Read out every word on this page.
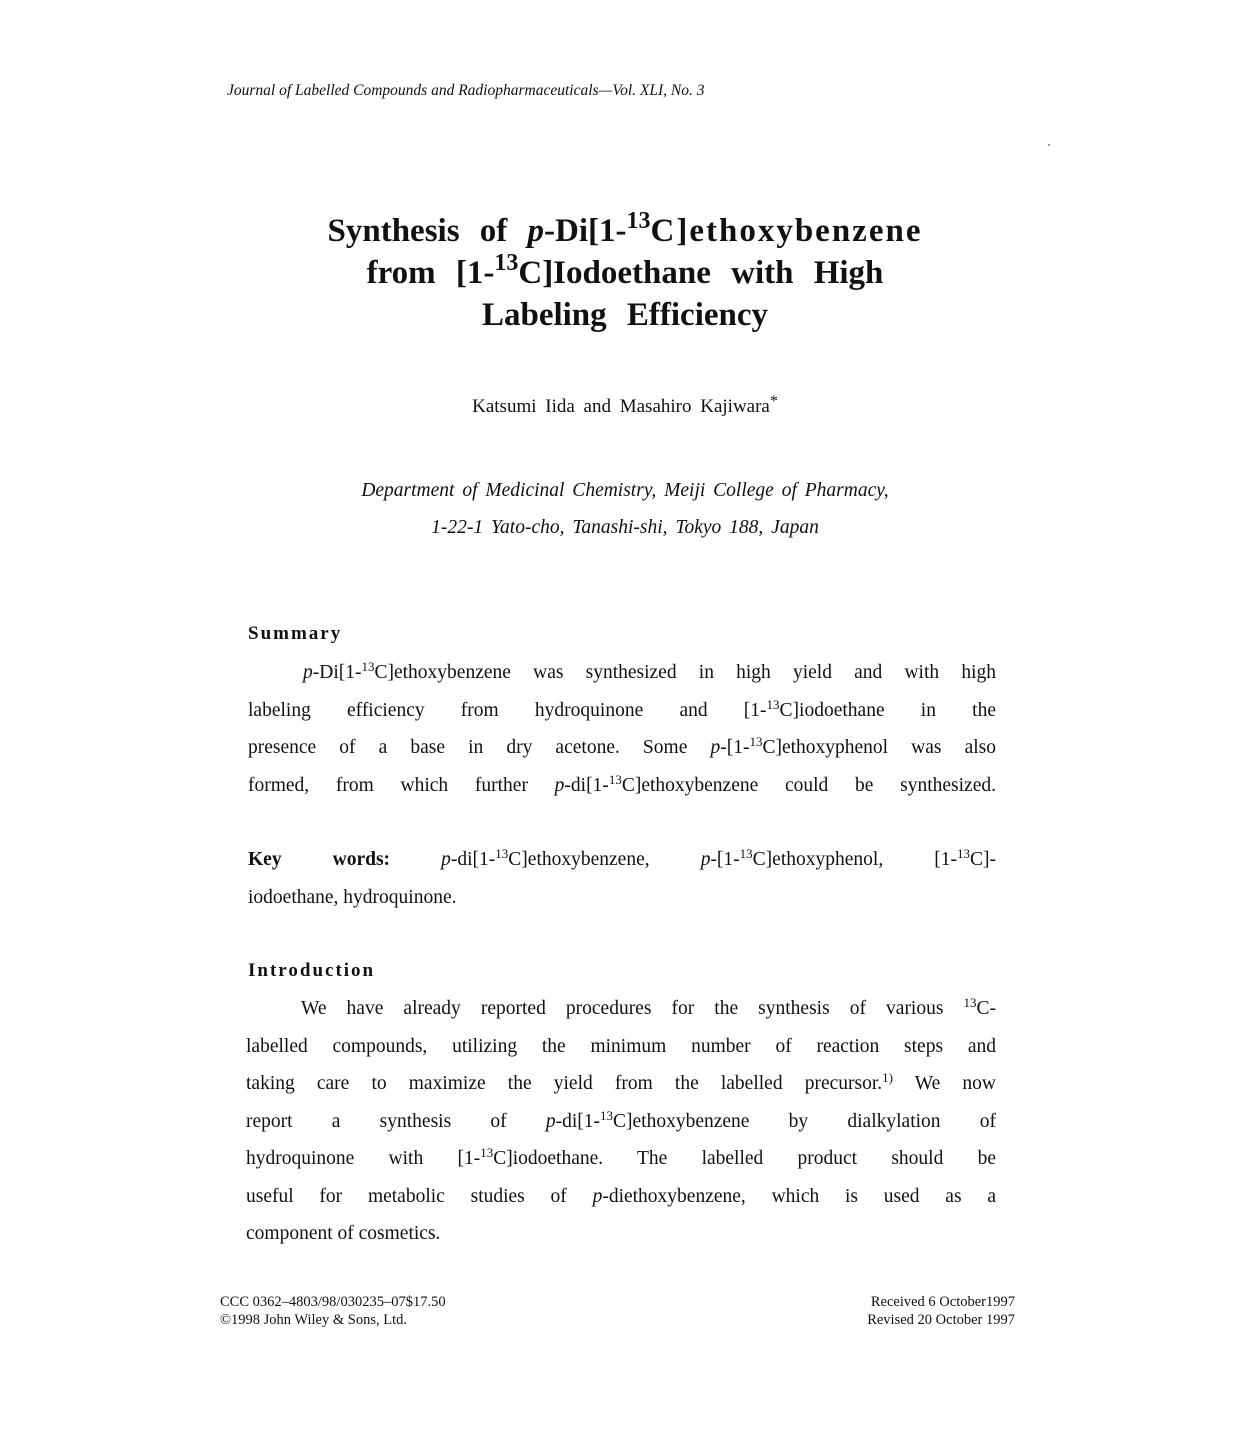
Journal of Labelled Compounds and Radiopharmaceuticals—Vol. XLI, No. 3
Synthesis of p-Di[1-$^{13}$C]ethoxybenzene
from [1-$^{13}$C]Iodoethane with High
Labeling Efficiency
Katsumi Iida and Masahiro Kajiwara*
Department of Medicinal Chemistry, Meiji College of Pharmacy,
1-22-1 Yato-cho, Tanashi-shi, Tokyo 188, Japan
Summary
p-Di[1-$^{13}$C]ethoxybenzene was synthesized in high yield and with high
labeling efficiency from hydroquinone and [1-$^{13}$C]iodoethane in the
presence of a base in dry acetone. Some p-[1-$^{13}$C]ethoxyphenol was also
formed, from which further p-di[1-$^{13}$C]ethoxybenzene could be synthesized.
Key words:	p-di[1-$^{13}$C]ethoxybenzene, p-[1-$^{13}$C]ethoxyphenol, [1-$^{13}$C]-
iodoethane, hydroquinone.
Introduction
We have already reported procedures for the synthesis of various $^{13}$C-
labelled compounds, utilizing the minimum number of reaction steps and
taking care to maximize the yield from the labelled precursor.$^{1)}$ We now
report a synthesis of p-di[1-$^{13}$C]ethoxybenzene by dialkylation of
hydroquinone with [1-$^{13}$C]iodoethane. The labelled product should be
useful for metabolic studies of p-diethoxybenzene, which is used as a
component of cosmetics.
CCC 0362–4803/98/030235–07$17.50
©1998 John Wiley & Sons, Ltd.
Received 6 October1997
Revised 20 October 1997
